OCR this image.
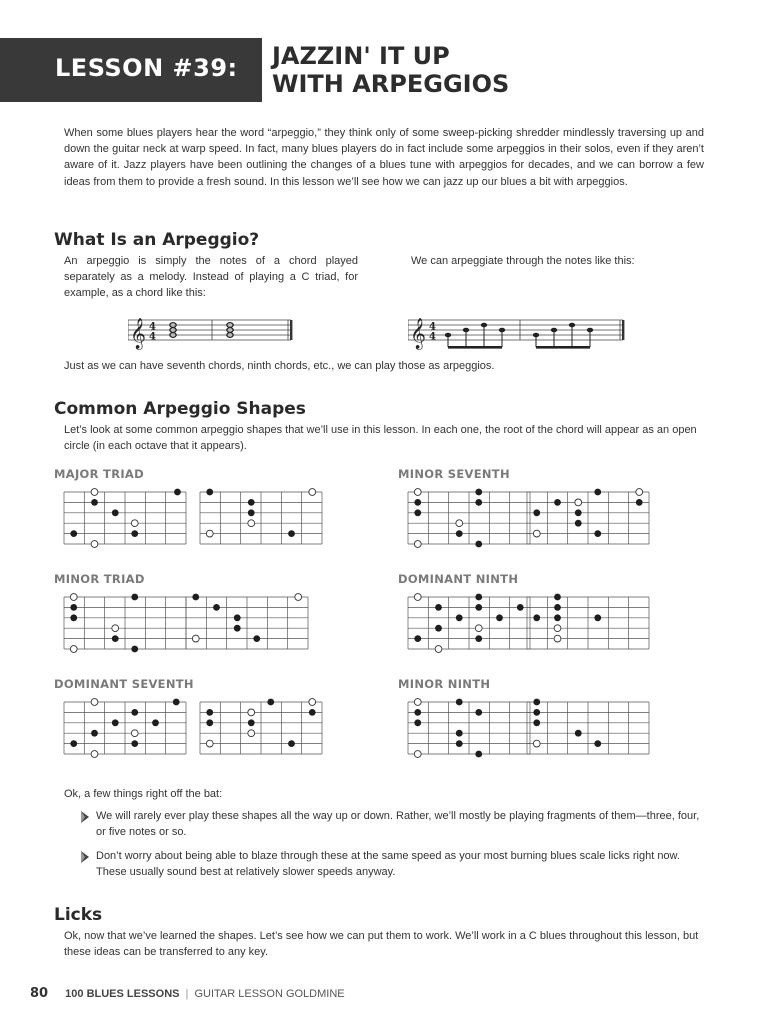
LESSON #39: JAZZIN' IT UP
WITH ARPEGGIOS
When some blues players hear the word “arpeggio,” they think only of some sweep-picking shredder mindlessly traversing up and down the guitar neck at warp speed. In fact, many blues players do in fact include some arpeggios in their solos, even if they aren’t aware of it. Jazz players have been outlining the changes of a blues tune with arpeggios for decades, and we can borrow a few ideas from them to provide a fresh sound. In this lesson we’ll see how we can jazz up our blues a bit with arpeggios.
What Is an Arpeggio?
An arpeggio is simply the notes of a chord played separately as a melody. Instead of playing a C triad, for example, as a chord like this:
We can arpeggiate through the notes like this:
𝄞 4
4	𝄞 4
4
Just as we can have seventh chords, ninth chords, etc., we can play those as arpeggios.
Common Arpeggio Shapes
Let’s look at some common arpeggio shapes that we’ll use in this lesson. In each one, the root of the chord will appear as an open circle (in each octave that it appears).
MAJOR TRIAD	MINOR SEVENTH
MINOR TRIAD	DOMINANT NINTH
DOMINANT SEVENTH	MINOR NINTH
Ok, a few things right off the bat:
We will rarely ever play these shapes all the way up or down. Rather, we’ll mostly be playing fragments of them—three, four, or five notes or so.
Don’t worry about being able to blaze through these at the same speed as your most burning blues scale licks right now. These usually sound best at relatively slower speeds anyway.
Licks
Ok, now that we’ve learned the shapes. Let’s see how we can put them to work. We’ll work in a C blues throughout this lesson, but these ideas can be transferred to any key.
80 100 BLUES LESSONS | GUITAR LESSON GOLDMINE
